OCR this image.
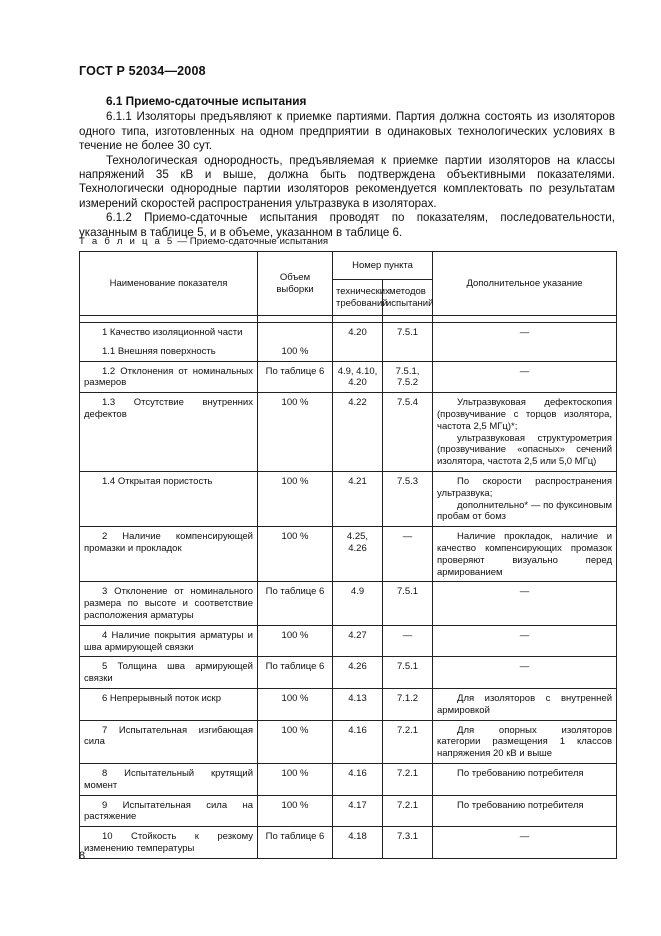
ГОСТ Р 52034—2008
6.1 Приемо-сдаточные испытания

6.1.1 Изоляторы предъявляют к приемке партиями. Партия должна состоять из изоляторов одного типа, изготовленных на одном предприятии в одинаковых технологических условиях в течение не более 30 сут.

Технологическая однородность, предъявляемая к приемке партии изоляторов на классы напряжений 35 кВ и выше, должна быть подтверждена объективными показателями. Технологически однородные партии изоляторов рекомендуется комплектовать по результатам измерений скоростей распространения ультразвука в изоляторах.

6.1.2 Приемо-сдаточные испытания проводят по показателям, последовательности, указанным в таблице 5, и в объеме, указанном в таблице 6.

Т а б л и ц а 5 — Приемо-сдаточные испытания
Наименование показателя	Объем выборки	Номер пункта		Дополнительное указание
		технических требований	методов испытаний	

1 Качество изоляционной части		4.20	7.5.1	—
1.1 Внешняя поверхность	100 %			
1.2 Отклонения от номинальных размеров	По таблице 6	4.9, 4.10, 4.20	7.5.1, 7.5.2	—
1.3 Отсутствие внутренних дефектов	100 %	4.22	7.5.4	Ультразвуковая дефектоскопия (прозвучивание с торцов изолятора, частота 2,5 МГц)*;
ультразвуковая структурометрия (прозвучивание «опасных» сечений изолятора, частота 2,5 или 5,0 МГц)

1.4 Открытая пористость	100 %	4.21	7.5.3	По скорости распространения ультразвука;
дополнительно* — по фуксиновым пробам от бомз

2 Наличие компенсирующей промазки и прокладок	100 %	4.25, 4.26	—	Наличие прокладок, наличие и качество компенсирующих промазок проверяют визуально перед армированием

3 Отклонение от номинального размера по высоте и соответствие расположения арматуры	По таблице 6	4.9	7.5.1	—
4 Наличие покрытия арматуры и шва армирующей связки	100 %	4.27	—	—
5 Толщина шва армирующей связки	По таблице 6	4.26	7.5.1	—
6 Непрерывный поток искр	100 %	4.13	7.1.2	Для изоляторов с внутренней армировкой

7 Испытательная изгибающая сила	100 %	4.16	7.2.1	Для опорных изоляторов категории размещения 1 классов напряжения 20 кВ и выше

8 Испытательный крутящий момент	100 %	4.16	7.2.1	По требованию потребителя

9 Испытательная сила на растяжение	100 %	4.17	7.2.1	По требованию потребителя

10 Стойкость к резкому изменению температуры	По таблице 6	4.18	7.3.1	—
8
